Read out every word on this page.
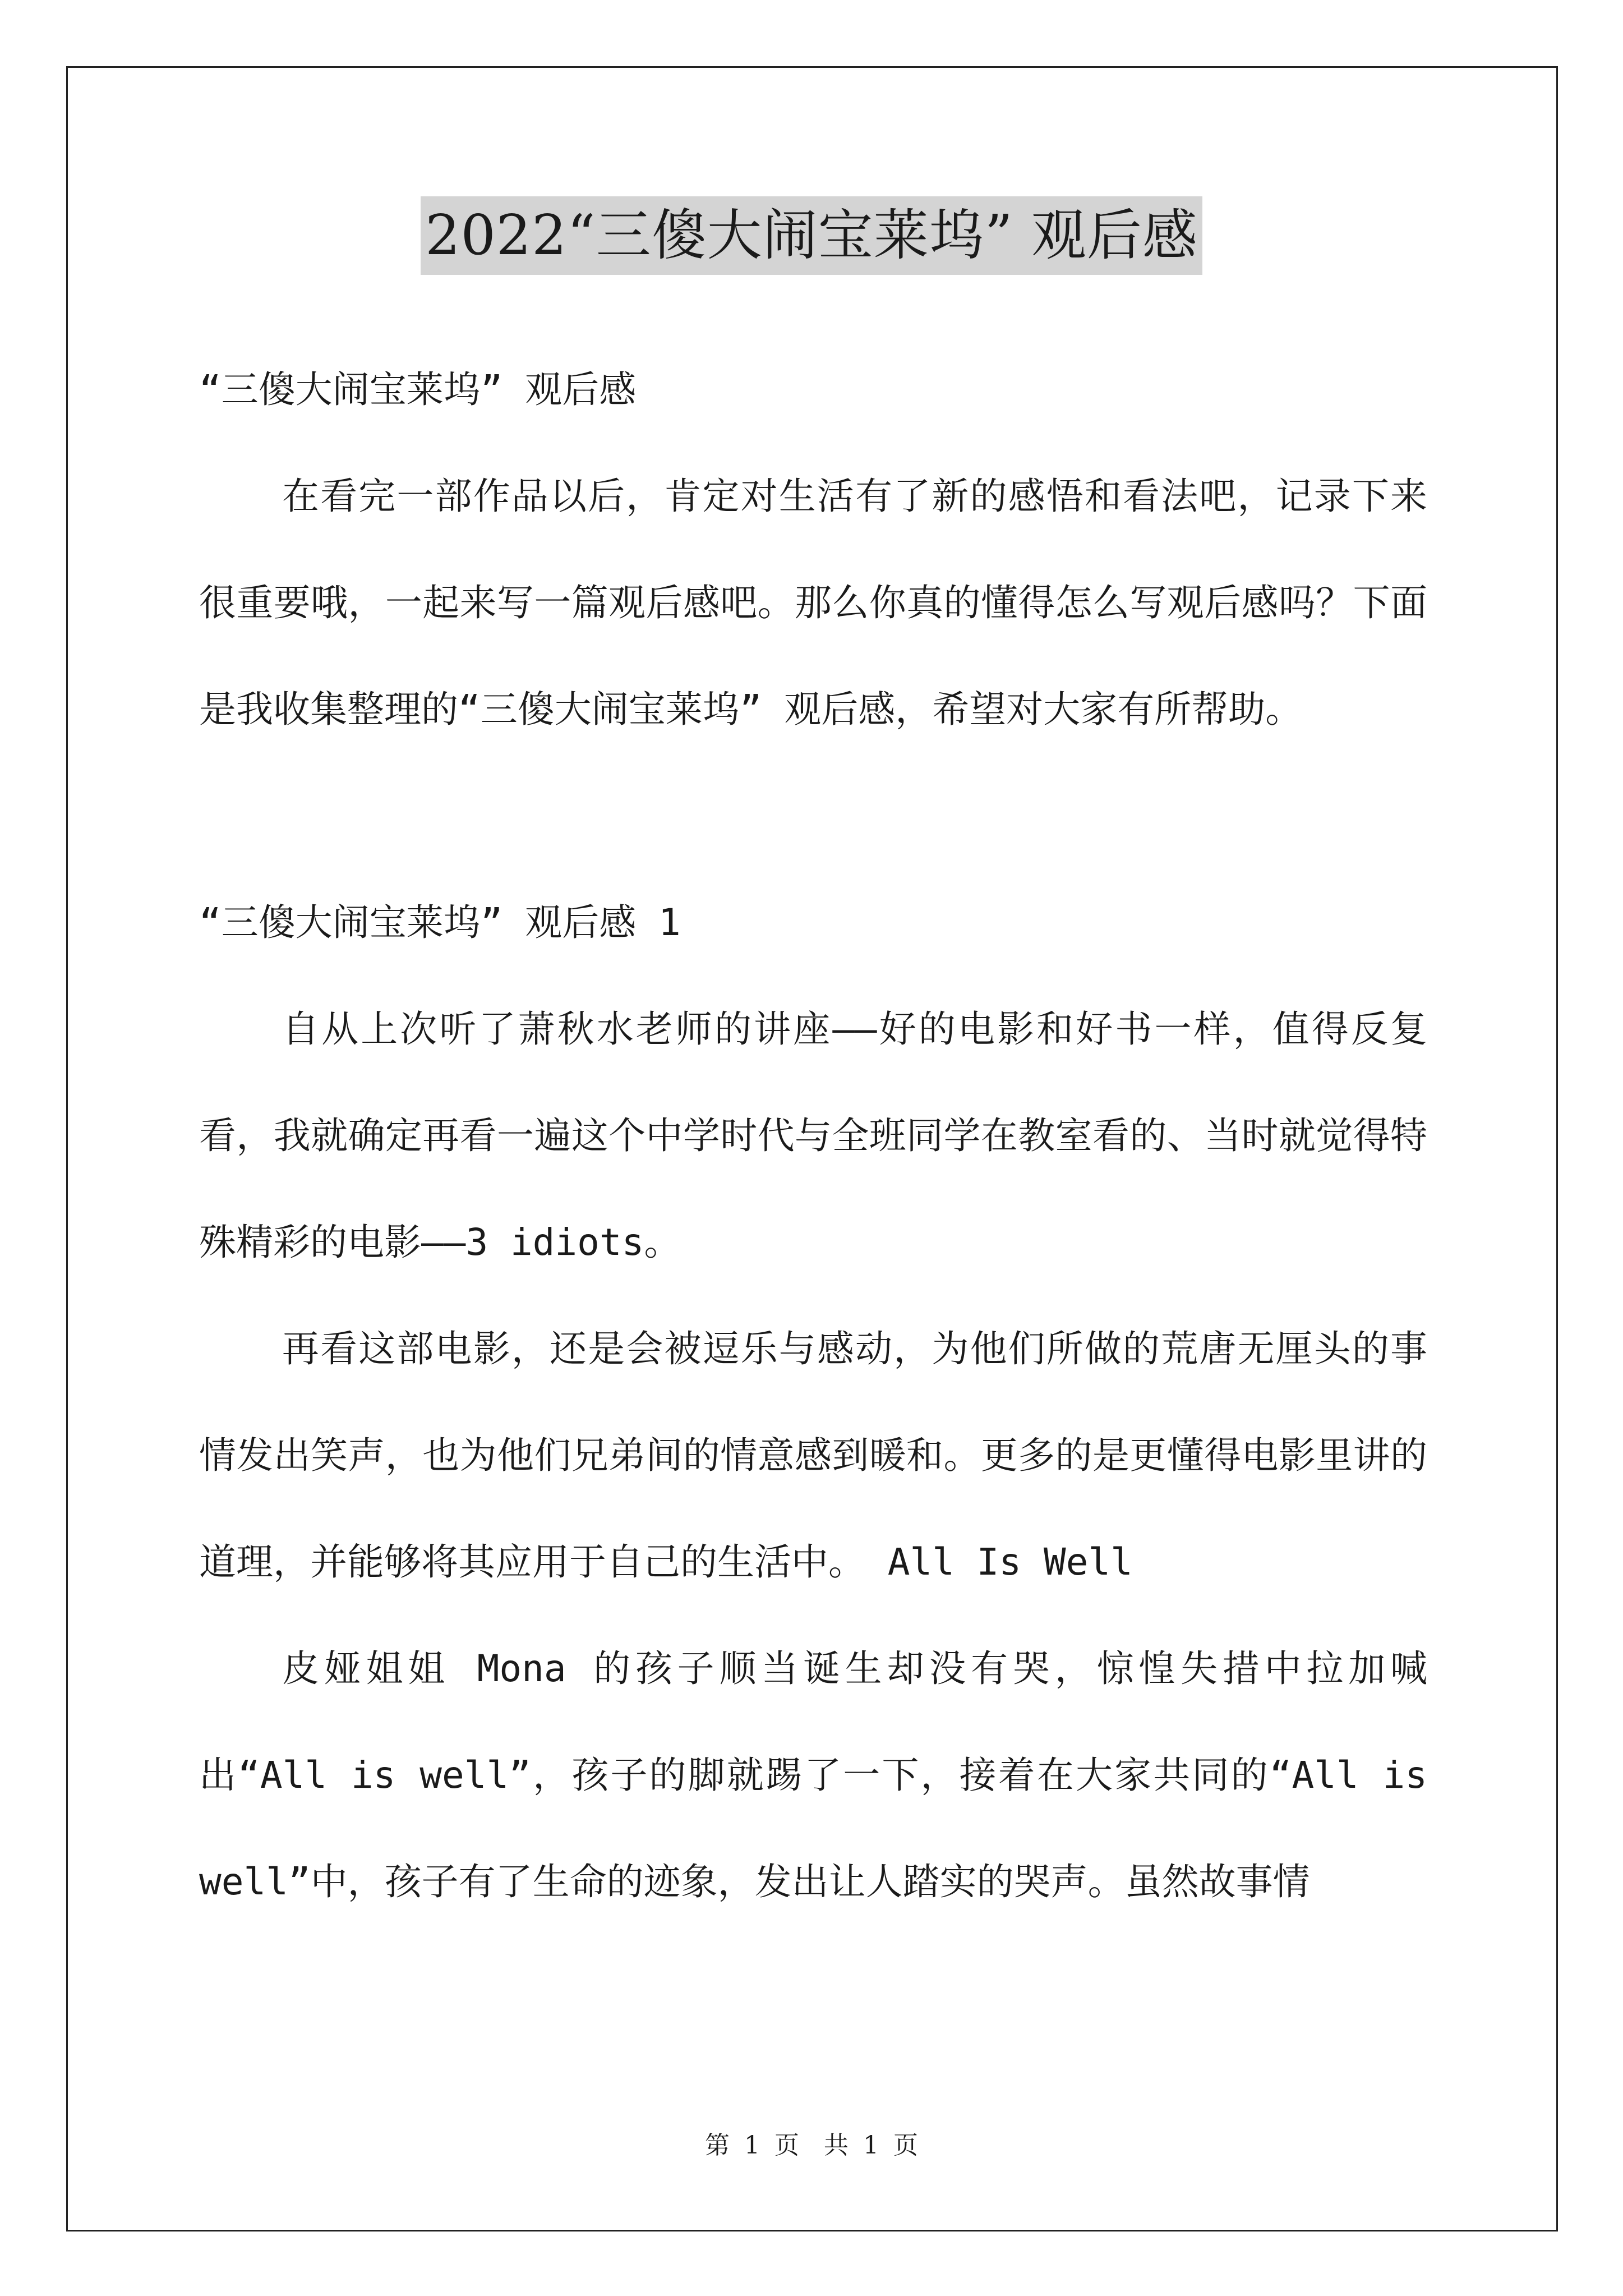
2022“三傻大闹宝莱坞” 观后感

“三傻大闹宝莱坞” 观后感

在看完一部作品以后，肯定对生活有了新的感悟和看法吧，记录下来很重要哦，一起来写一篇观后感吧。那么你真的懂得怎么写观后感吗？下面是我收集整理的“三傻大闹宝莱坞” 观后感，希望对大家有所帮助。

“三傻大闹宝莱坞” 观后感 1

自从上次听了萧秋水老师的讲座——好的电影和好书一样，值得反复看，我就确定再看一遍这个中学时代与全班同学在教室看的、当时就觉得特殊精彩的电影——3 idiots。

再看这部电影，还是会被逗乐与感动，为他们所做的荒唐无厘头的事情发出笑声，也为他们兄弟间的情意感到暖和。更多的是更懂得电影里讲的道理，并能够将其应用于自己的生活中。 All Is Well

皮娅姐姐 Mona 的孩子顺当诞生却没有哭，惊惶失措中拉加喊出“All is well”，孩子的脚就踢了一下，接着在大家共同的“All is well”中，孩子有了生命的迹象，发出让人踏实的哭声。虽然故事情

第 1 页　共 1 页
